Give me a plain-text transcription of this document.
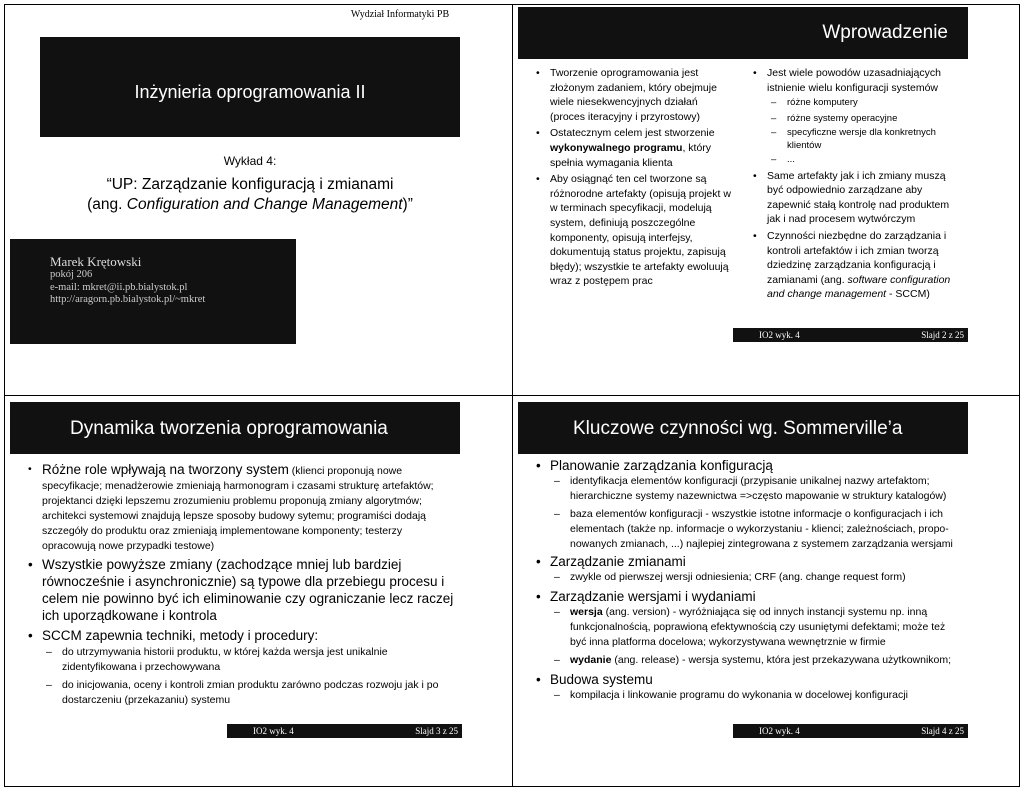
Wydział Informatyki PB
Inżynieria oprogramowania II
Wykład 4:
“UP: Zarządzanie konfiguracją i zmianami
(ang. Configuration and Change Management)”
Marek Krętowski
pokój 206
e-mail: mkret@ii.pb.bialystok.pl
http://aragorn.pb.bialystok.pl/~mkret
Wprowadzenie
• Tworzenie oprogramowania jest złożonym zadaniem, który obejmuje wiele niesekwencyjnych działań (proces iteracyjny i przyrostowy)
• Ostatecznym celem jest stworzenie wykonywalnego programu, który spełnia wymagania klienta
• Aby osiągnąć ten cel tworzone są różnorodne artefakty (opisują projekt w w terminach specyfikacji, modelują system, definiują poszczególne komponenty, opisują interfejsy, dokumentują status projektu, zapisują błędy); wszystkie te artefakty ewoluują wraz z postępem prac
• Jest wiele powodów uzasadniających istnienie wielu konfiguracji systemów
– różne komputery
– różne systemy operacyjne
– specyficzne wersje dla konkretnych klientów
– ...
• Same artefakty jak i ich zmiany muszą być odpowiednio zarządzane aby zapewnić stałą kontrolę nad produktem jak i nad procesem wytwórczym
• Czynności niezbędne do zarządzania i kontroli artefaktów i ich zmian tworzą dziedzinę zarządzania konfiguracją i zamianami (ang. software configuration and change management - SCCM)
IO2 wyk. 4	Slajd 2 z 25
Dynamika tworzenia oprogramowania
• Różne role wpływają na tworzony system (klienci proponują nowe specyfikacje; menadżerowie zmieniają harmonogram i czasami strukturę artefaktów; projektanci dzięki lepszemu zrozumieniu problemu proponują zmiany algorytmów; architekci systemowi znajdują lepsze sposoby budowy sytemu; programiści dodają szczegóły do produktu oraz zmieniają implementowane komponenty; testerzy opracowują nowe przypadki testowe)
• Wszystkie powyższe zmiany (zachodzące mniej lub bardziej równocześnie i asynchronicznie) są typowe dla przebiegu procesu i celem nie powinno być ich eliminowanie czy ograniczanie lecz raczej ich uporządkowane i kontrola
• SCCM zapewnia techniki, metody i procedury:
– do utrzymywania historii produktu, w której każda wersja jest unikalnie zidentyfikowana i przechowywana
– do inicjowania, oceny i kontroli zmian produktu zarówno podczas rozwoju jak i po dostarczeniu (przekazaniu) systemu
IO2 wyk. 4	Slajd 3 z 25
Kluczowe czynności wg. Sommerville’a
• Planowanie zarządzania konfiguracją
– identyfikacja elementów konfiguracji (przypisanie unikalnej nazwy artefaktom; hierarchiczne systemy nazewnictwa =>często mapowanie w struktury katalogów)
– baza elementów konfiguracji - wszystkie istotne informacje o konfiguracjach i ich elementach (także np. informacje o wykorzystaniu - klienci; zależnościach, propo-nowanych zmianach, ...) najlepiej zintegrowana z systemem zarządzania wersjami
• Zarządzanie zmianami
– zwykle od pierwszej wersji odniesienia; CRF (ang. change request form)
• Zarządzanie wersjami i wydaniami
– wersja (ang. version) - wyróżniająca się od innych instancji systemu np. inną funkcjonalnością, poprawioną efektywnością czy usuniętymi defektami; może też być inna platforma docelowa; wykorzystywana wewnętrznie w firmie
– wydanie (ang. release) - wersja systemu, która jest przekazywana użytkownikom;
• Budowa systemu
– kompilacja i linkowanie programu do wykonania w docelowej konfiguracji
IO2 wyk. 4	Slajd 4 z 25
